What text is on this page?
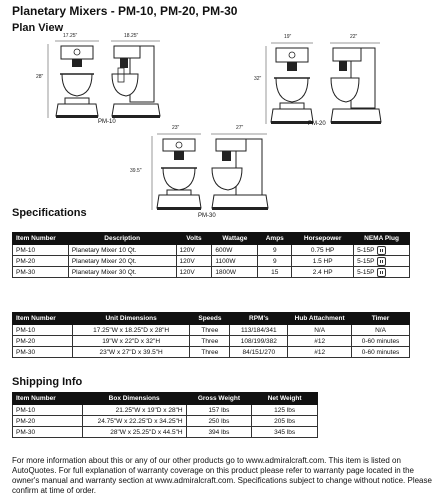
Planetary Mixers - PM-10, PM-20, PM-30
Plan View
17.25"	18.25"
28"
PM-10
19"	22"
32"
PM-20
23"	27"
39.5"
PM-30
Specifications
Item Number	Description	Volts	Wattage	Amps	Horsepower	NEMA Plug
PM-10	Planetary Mixer 10 Qt.	120V	600W	9	0.75 HP	5-15P
PM-20	Planetary Mixer 20 Qt.	120V	1100W	9	1.5 HP	5-15P
PM-30	Planetary Mixer 30 Qt.	120V	1800W	15	2.4 HP	5-15P
Item Number	Unit Dimensions	Speeds	RPM's	Hub Attachment	Timer
PM-10	17.25"W x 18.25"D x 28"H	Three	113/184/341	N/A	N/A
PM-20	19"W x 22"D x 32"H	Three	108/199/382	#12	0-60 minutes
PM-30	23"W x 27"D x 39.5"H	Three	84/151/270	#12	0-60 minutes
Shipping Info
Item Number	Box Dimensions	Gross Weight	Net Weight
PM-10	21.25"W x 19"D x 28"H	157 lbs	125 lbs
PM-20	24.75"W x 22.25"D x 34.25"H	250 lbs	205 lbs
PM-30	28"W x 25.25"D x 44.5"H	394 lbs	345 lbs
For more information about this or any of our other products go to www.admiralcraft.com. This item is listed on AutoQuotes. For full explanation of warranty coverage on this product please refer to warranty page located in the owner's manual and warranty section at www.admiralcraft.com. Specifications subject to change without notice. Please confirm at time of order.
